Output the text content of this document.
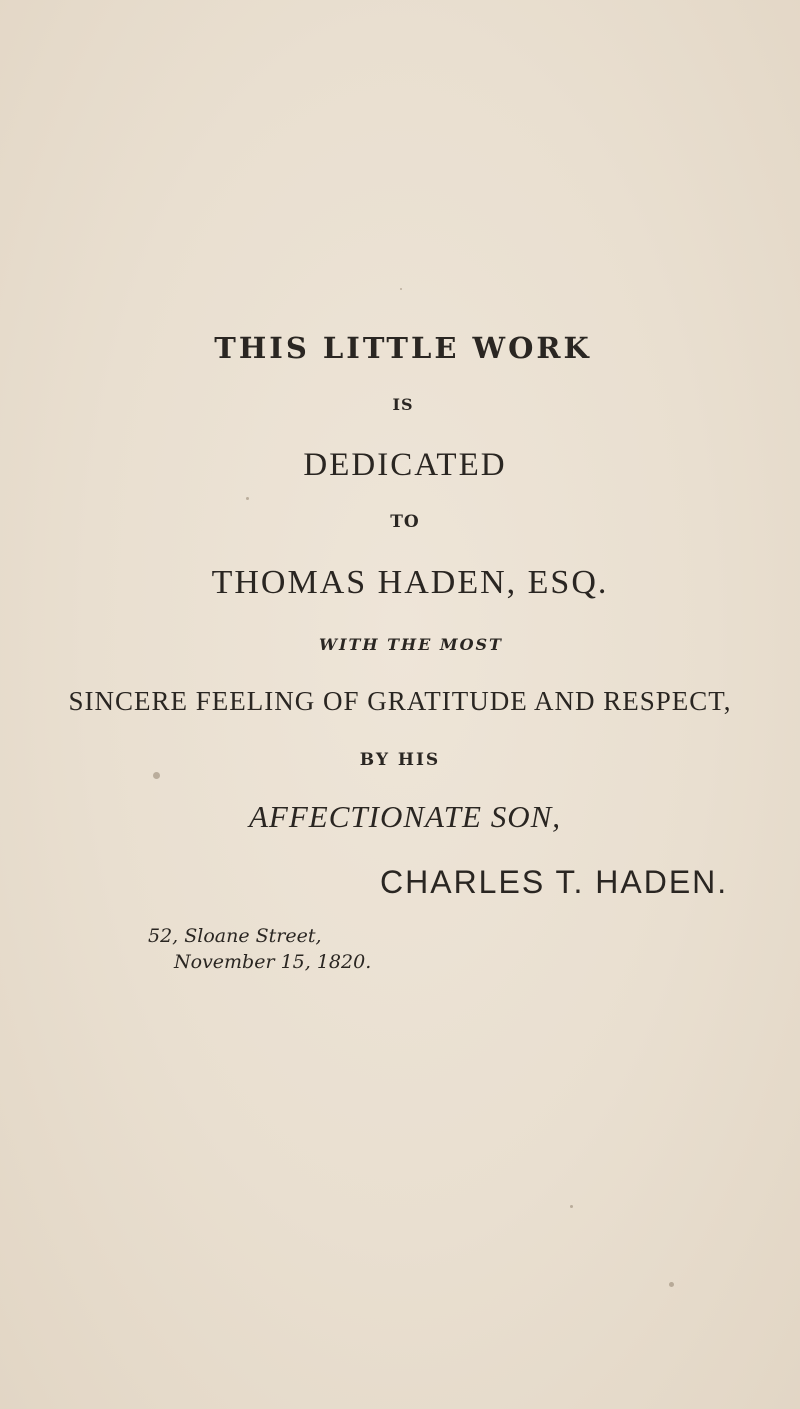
THIS LITTLE WORK
IS
DEDICATED
TO
THOMAS HADEN, ESQ.
WITH THE MOST
SINCERE FEELING OF GRATITUDE AND RESPECT,
BY HIS
AFFECTIONATE SON,
CHARLES T. HADEN.
52, Sloane Street,
November 15, 1820.
